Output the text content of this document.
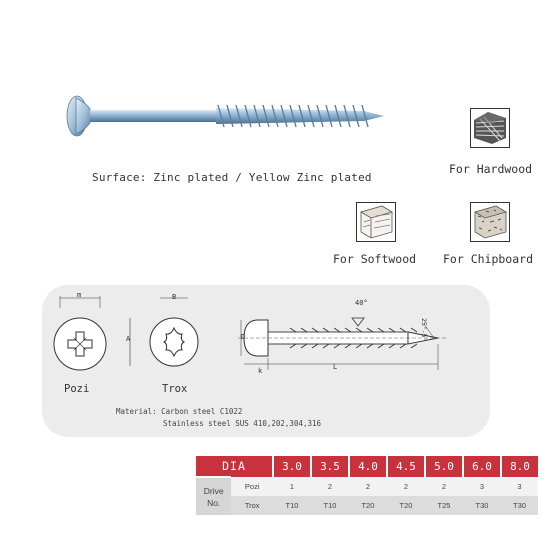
Surface: Zinc plated / Yellow Zinc plated
For Hardwood
For Softwood For Chipboard
m	B
A	D
k	L
40°
25°-5°
Pozi	Trox
Material: Carbon steel C1022
Stainless steel SUS 410,202,304,316
DIA		3.0	3.5	4.0	4.5	5.0	6.0	8.0
Drive No.	Pozi	1	2	2	2	2	3	3
	Trox	T10	T10	T20	T20	T25	T30	T30
